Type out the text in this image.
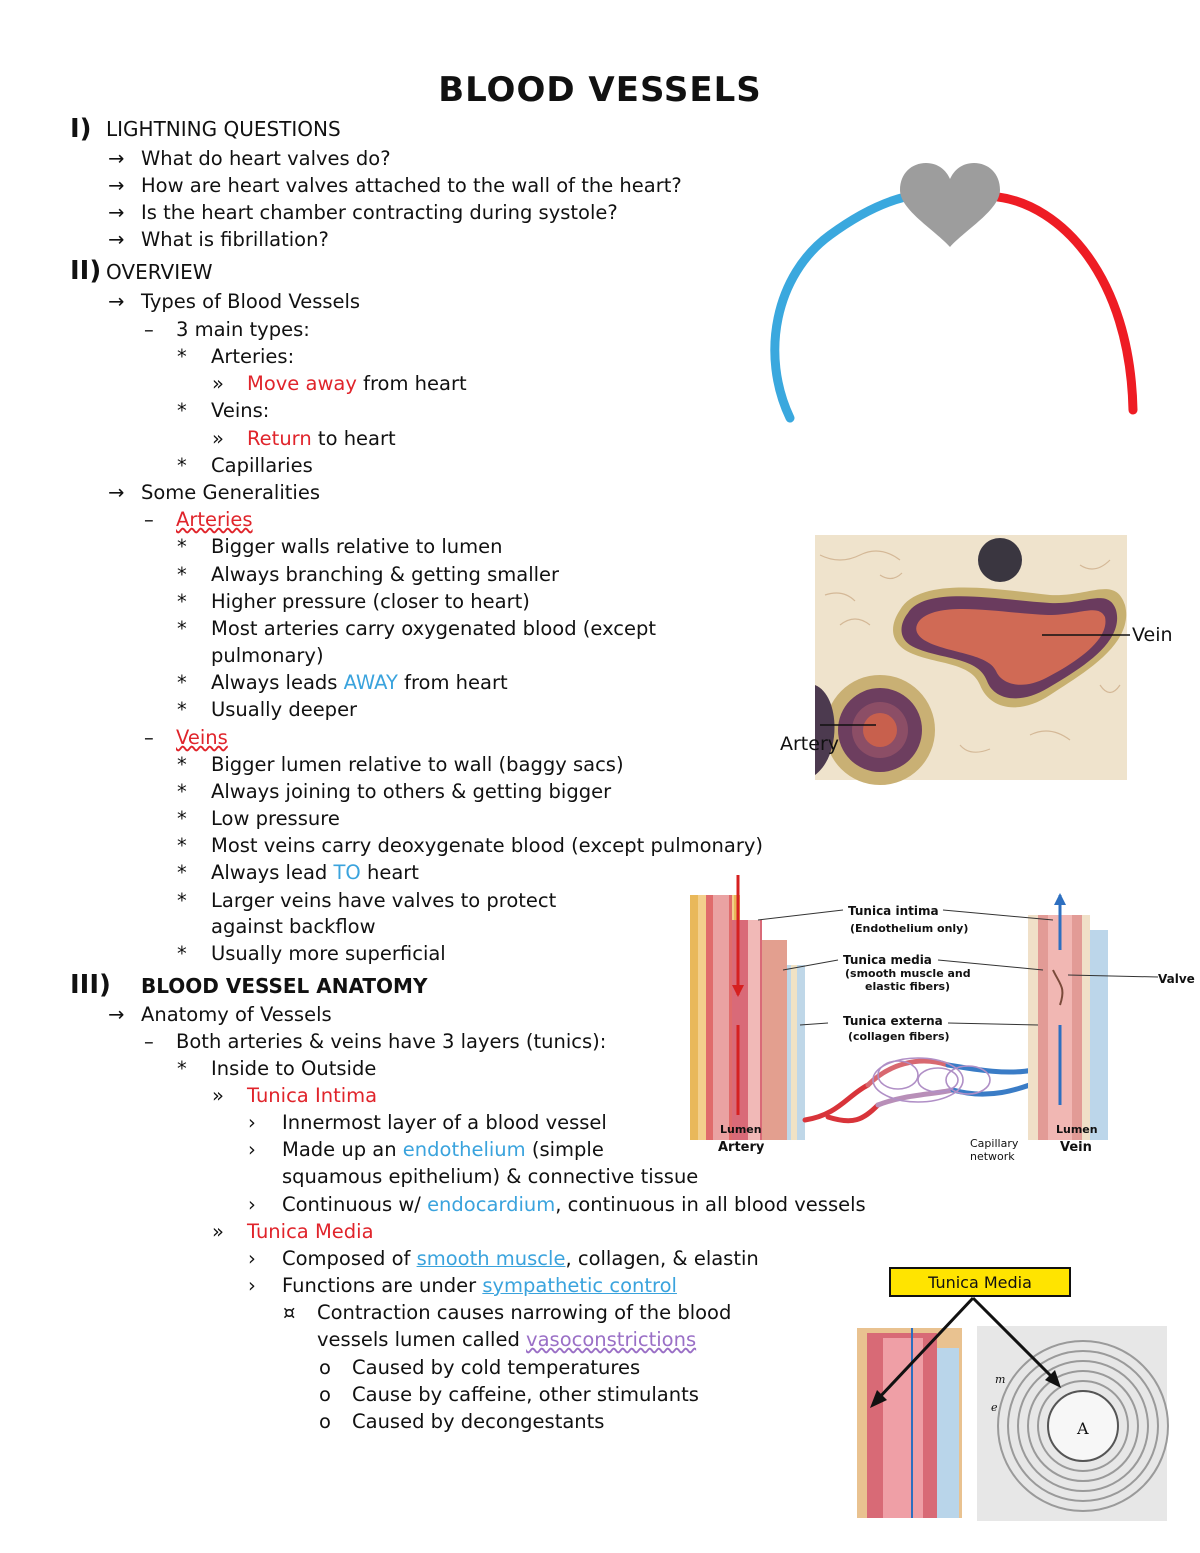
BLOOD VESSELS
I) LIGHTNING QUESTIONS
→ What do heart valves do?
→ How are heart valves attached to the wall of the heart?
→ Is the heart chamber contracting during systole?
→ What is fibrillation?
II) OVERVIEW
→ Types of Blood Vessels
– 3 main types:
* Arteries:
» Move away from heart
* Veins:
» Return to heart
* Capillaries
→ Some Generalities
– Arteries
* Bigger walls relative to lumen
* Always branching & getting smaller
* Higher pressure (closer to heart)
* Most arteries carry oxygenated blood (except
pulmonary)
* Always leads AWAY from heart
* Usually deeper
– Veins
* Bigger lumen relative to wall (baggy sacs)
* Always joining to others & getting bigger
* Low pressure
* Most veins carry deoxygenate blood (except pulmonary)
* Always lead TO heart
* Larger veins have valves to protect
against backflow
* Usually more superficial
III) BLOOD VESSEL ANATOMY
→ Anatomy of Vessels
– Both arteries & veins have 3 layers (tunics):
* Inside to Outside
» Tunica Intima
› Innermost layer of a blood vessel
› Made up an endothelium (simple
squamous epithelium) & connective tissue
› Continuous w/ endocardium, continuous in all blood vessels
» Tunica Media
› Composed of smooth muscle, collagen, & elastin
› Functions are under sympathetic control
¤ Contraction causes narrowing of the blood
vessels lumen called vasoconstrictions
o Caused by cold temperatures
o Cause by caffeine, other stimulants
o Caused by decongestants
Vein
Artery
Tunica intima
(Endothelium only)
Tunica media
(smooth muscle and
elastic fibers)
Tunica externa
(collagen fibers)
Valve
Lumen
Artery	Capillary
network
Lumen
Vein
Tunica Media
A
m
e
